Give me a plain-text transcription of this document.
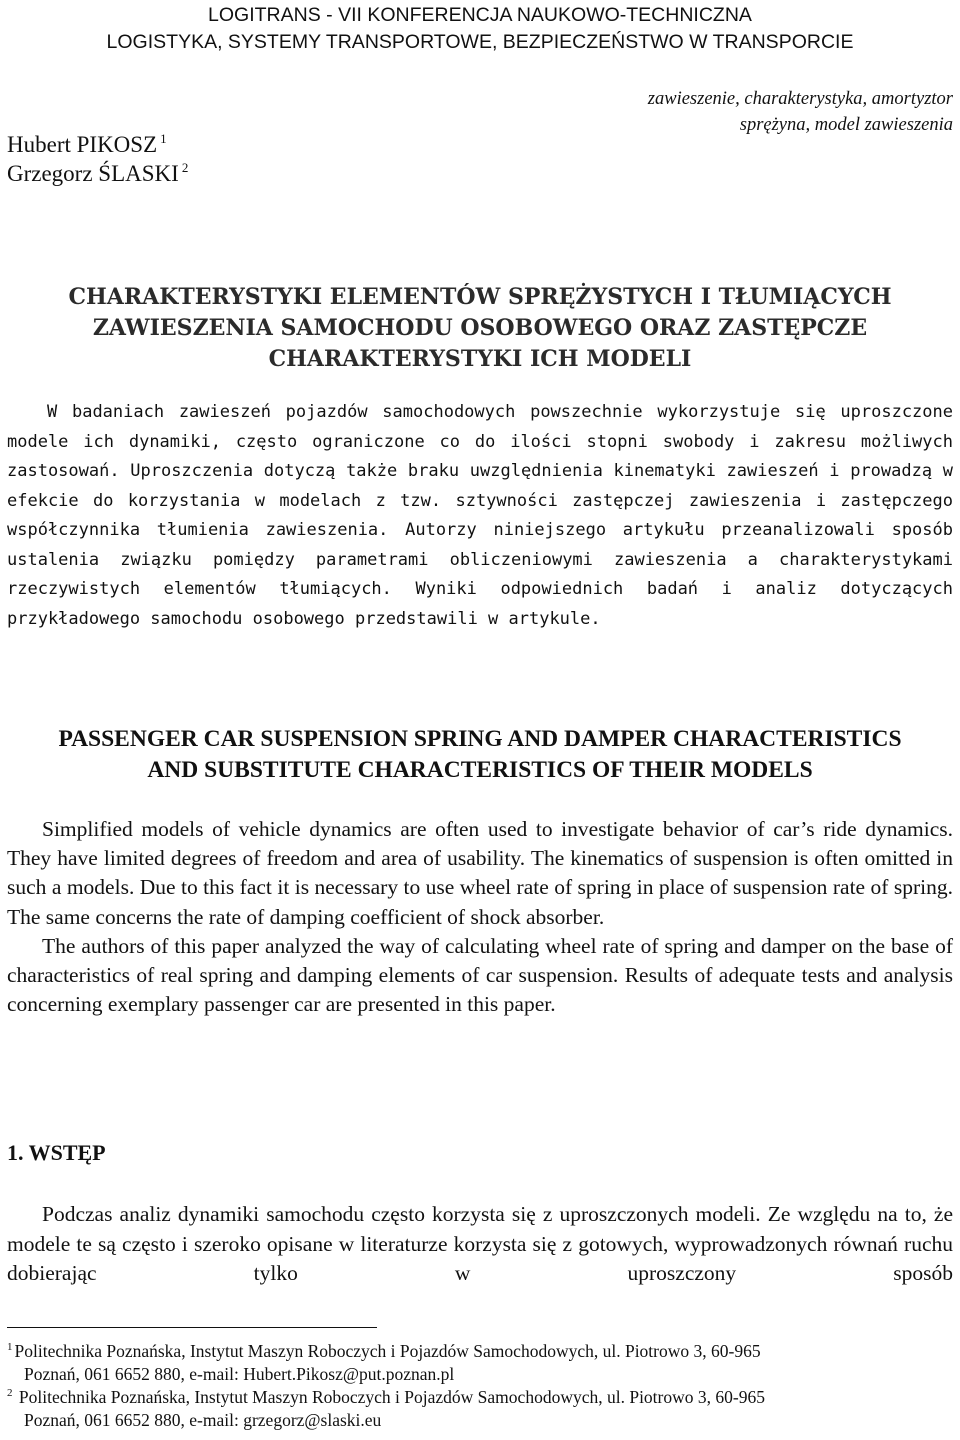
LOGITRANS - VII KONFERENCJA NAUKOWO-TECHNICZNA
LOGISTYKA, SYSTEMY TRANSPORTOWE, BEZPIECZEŃSTWO W TRANSPORCIE
zawieszenie, charakterystyka, amortyztor
sprężyna, model zawieszenia
Hubert PIKOSZ $^1$
Grzegorz ŚLASKI $^2$
CHARAKTERYSTYKI ELEMENTÓW SPRĘŻYSTYCH I TŁUMIĄCYCH
ZAWIESZENIA SAMOCHODU OSOBOWEGO ORAZ ZASTĘPCZE
CHARAKTERYSTYKI ICH MODELI

W badaniach zawieszeń pojazdów samochodowych powszechnie wykorzystuje się uproszczone modele ich dynamiki, często ograniczone co do ilości stopni swobody i zakresu możliwych zastosowań. Uproszczenia dotyczą także braku uwzględnienia kinematyki zawieszeń i prowadzą w efekcie do korzystania w modelach z tzw. sztywności zastępczej zawieszenia i zastępczego współczynnika tłumienia zawieszenia. Autorzy niniejszego artykułu przeanalizowali sposób ustalenia związku pomiędzy parametrami obliczeniowymi zawieszenia a charakterystykami rzeczywistych elementów tłumiących. Wyniki odpowiednich badań i analiz dotyczących przykładowego samochodu osobowego przedstawili w artykule.

PASSENGER CAR SUSPENSION SPRING AND DAMPER CHARACTERISTICS
AND SUBSTITUTE CHARACTERISTICS OF THEIR MODELS

Simplified models of vehicle dynamics are often used to investigate behavior of car’s ride dynamics. They have limited degrees of freedom and area of usability. The kinematics of suspension is often omitted in such a models. Due to this fact it is necessary to use wheel rate of spring in place of suspension rate of spring. The same concerns the rate of damping coefficient of shock absorber.

The authors of this paper analyzed the way of calculating wheel rate of spring and damper on the base of characteristics of real spring and damping elements of car suspension. Results of adequate tests and analysis concerning exemplary passenger car are presented in this paper.

1. WSTĘP

Podczas analiz dynamiki samochodu często korzysta się z uproszczonych modeli. Ze względu na to, że modele te są często i szeroko opisane w literaturze korzysta się z gotowych, wyprowadzonych równań ruchu dobierając tylko w uproszczony sposób

$^1$ Politechnika Poznańska, Instytut Maszyn Roboczych i Pojazdów Samochodowych, ul. Piotrowo 3, 60-965
Poznań, 061 6652 880, e-mail: Hubert.Pikosz@put.poznan.pl
$^2$ Politechnika Poznańska, Instytut Maszyn Roboczych i Pojazdów Samochodowych, ul. Piotrowo 3, 60-965
Poznań, 061 6652 880, e-mail: grzegorz@slaski.eu
